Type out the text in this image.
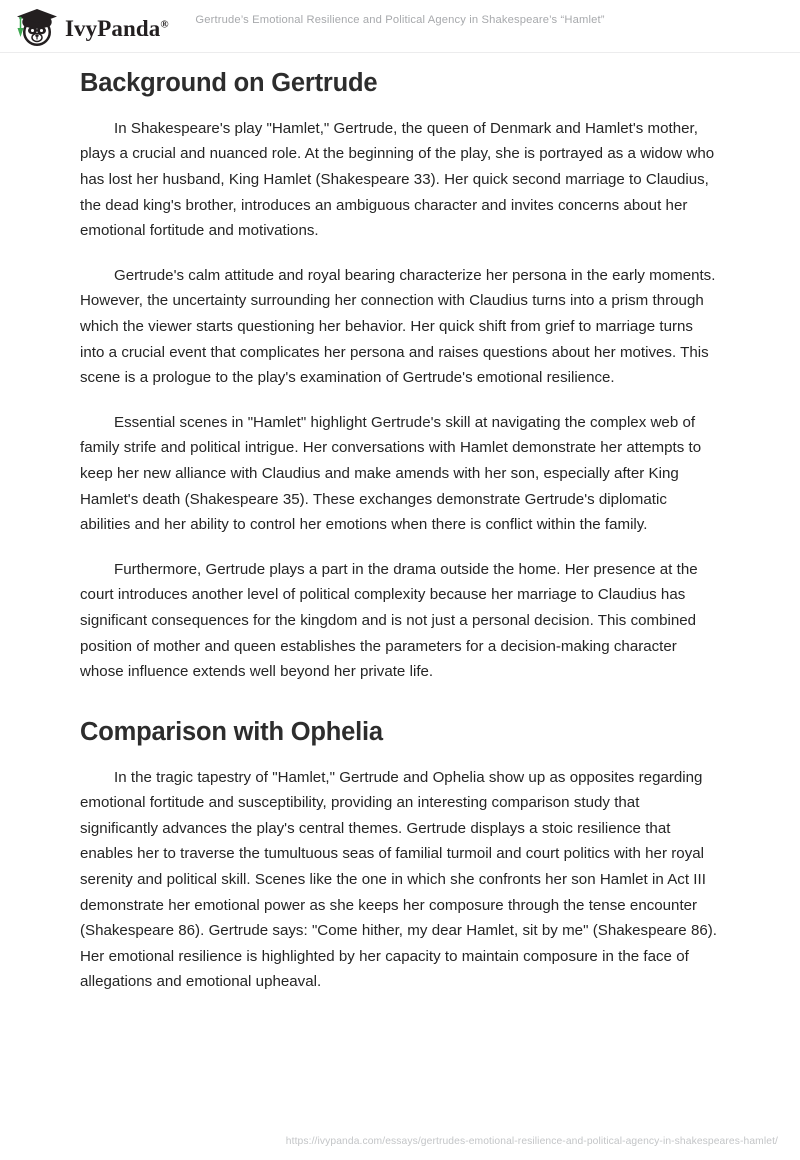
IvyPanda®	Gertrude’s Emotional Resilience and Political Agency in Shakespeare’s “Hamlet”
Background on Gertrude

In Shakespeare's play "Hamlet," Gertrude, the queen of Denmark and Hamlet's mother, plays a crucial and nuanced role. At the beginning of the play, she is portrayed as a widow who has lost her husband, King Hamlet (Shakespeare 33). Her quick second marriage to Claudius, the dead king's brother, introduces an ambiguous character and invites concerns about her emotional fortitude and motivations.

Gertrude's calm attitude and royal bearing characterize her persona in the early moments. However, the uncertainty surrounding her connection with Claudius turns into a prism through which the viewer starts questioning her behavior. Her quick shift from grief to marriage turns into a crucial event that complicates her persona and raises questions about her motives. This scene is a prologue to the play's examination of Gertrude's emotional resilience.

Essential scenes in "Hamlet" highlight Gertrude's skill at navigating the complex web of family strife and political intrigue. Her conversations with Hamlet demonstrate her attempts to keep her new alliance with Claudius and make amends with her son, especially after King Hamlet's death (Shakespeare 35). These exchanges demonstrate Gertrude's diplomatic abilities and her ability to control her emotions when there is conflict within the family.

Furthermore, Gertrude plays a part in the drama outside the home. Her presence at the court introduces another level of political complexity because her marriage to Claudius has significant consequences for the kingdom and is not just a personal decision. This combined position of mother and queen establishes the parameters for a decision-making character whose influence extends well beyond her private life.

Comparison with Ophelia

In the tragic tapestry of "Hamlet," Gertrude and Ophelia show up as opposites regarding emotional fortitude and susceptibility, providing an interesting comparison study that significantly advances the play's central themes. Gertrude displays a stoic resilience that enables her to traverse the tumultuous seas of familial turmoil and court politics with her royal serenity and political skill. Scenes like the one in which she confronts her son Hamlet in Act III demonstrate her emotional power as she keeps her composure through the tense encounter (Shakespeare 86). Gertrude says: "Come hither, my dear Hamlet, sit by me" (Shakespeare 86). Her emotional resilience is highlighted by her capacity to maintain composure in the face of allegations and emotional upheaval.

https://ivypanda.com/essays/gertrudes-emotional-resilience-and-political-agency-in-shakespeares-hamlet/
